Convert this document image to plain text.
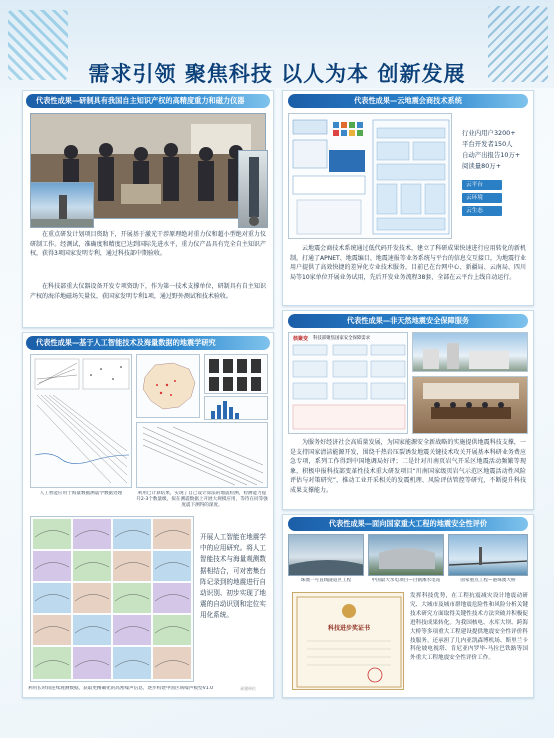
需求引领 聚焦科技 以人为本 创新发展
代表性成果—研制具有我国自主知识产权的高精度重力和磁力仪器
在重点研发计划项目资助下，开展基于激光干涉原理绝对重力仪和超小型绝对重力仪研制工作。经测试，准确度和精度已达到国际先进水平，重力仪产品具有完全自主知识产权，获得3项国家发明专利，通过科技部中期验收。
在科技部重大仪器设备开发专项资助下，作为第一技术支撑单位，研制具有自主知识产权的海洋地磁场矢量仪，获国家发明专利1项，通过野外测试和技术验收。
代表性成果—云地震会商技术系统
行业内用户3200+
平台开发者150人
自动产出报告10万+
阅读量80万+
云平台
云环境
云生态
云地震会商技术系统通过低代码开发技术，建立了科研成果快速进行应用转化的新机制，打通了APNET、地震编目、地震速报等业务系统与平台的信息交互接口，为地震行业用户提供了高效快捷的差异化专业技术服务，目前已在台网中心、新疆局、云南局、四川局等10家单位开展业务试用，先后开发业务流程38套，全部在云平台上线自动运行。
代表性成果—基于人工智能技术及海量数据的地震学研究
人工智能应用于海量数据测震学数据处理	利用已计算结果，实现了自己设计算法的地震检测，检测能力提升2-3个数量级，拟在测震数据上开展大规模应用，等待在同等强度震下测得的深度。
开展人工智能在地震学中的应用研究。将人工智能技术与海量观测数据相结合，可对密集台阵记录到的地震进行自动识别、初步实现了地震的自动识别和定位实用化系统。
利用长时间连续观测数据，获取更精确化的高密噪声信息，逐步构建中国区域噪声模型V1.0
代表性成果—非天然地震安全保障服务
核聚变 科技部聚焦国家安全保障需求
为服务好经济社会高质量发展，为国家能源安全新战略的实施提供地震科技支撑，一是支持国家清洁能源开发，围绕千热岩压裂诱发地震关键技术攻关开展基本科研业务费应急专项，系列工作得到中国地调局好评；二是针对川南页岩气开采区地震活动频繁等现象，积极申报科技部变革性技术重大研发项目“川南国家级页岩气示范区地震活动性风险评估与对策研究”，推动工业开采相关的发震机理、风险评估管控等研究，不断提升科技成果支撑能力。
代表性成果—面向国家重大工程的地震安全性评价
珠澳一号直线隧道区工程	中国最大水电项目—白鹤滩水电站	国家重点工程—港珠澳大桥
科技进步奖证书
发挥科技优势，在工程抗震减灾设计地震动研究、大城市及城市群地震危险性和风险分析关键技术研究方面取得关键性技术方法突破并积极促进科技成果转化。为我国核电、水库大坝、跨海大桥等多项重大工程建设提供地震安全性评价科技服务。还承担了几内亚凯森博机场、斯里兰卡科伦坡电视塔、肯尼亚内罗毕-马拉巴铁路等国外重大工程地震安全性评价工作。
承建单位
